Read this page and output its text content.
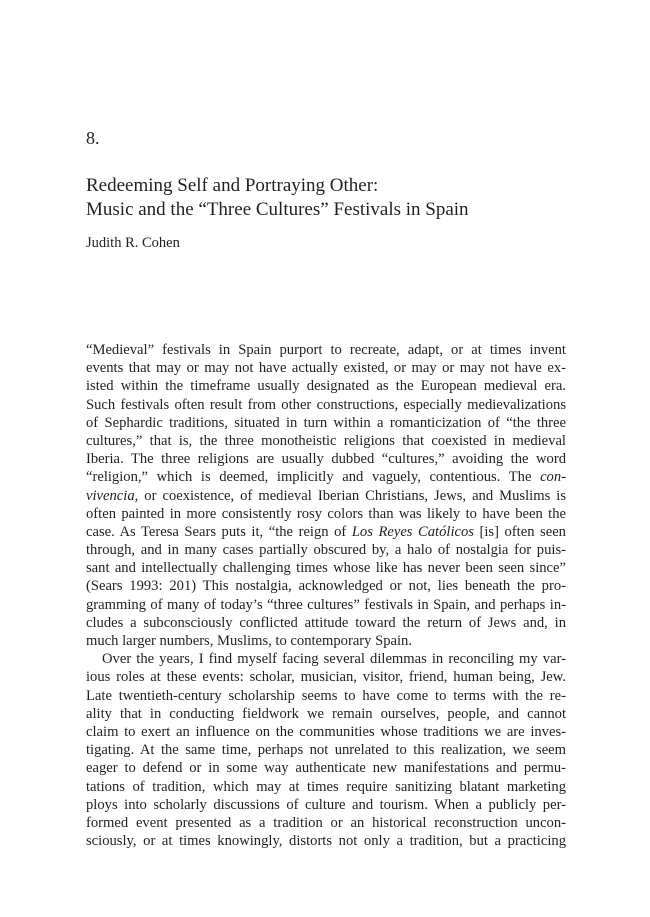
8.
Redeeming Self and Portraying Other:
Music and the “Three Cultures” Festivals in Spain
Judith R. Cohen
“Medieval” festivals in Spain purport to recreate, adapt, or at times invent
events that may or may not have actually existed, or may or may not have ex-
isted within the timeframe usually designated as the European medieval era.
Such festivals often result from other constructions, especially medievalizations
of Sephardic traditions, situated in turn within a romanticization of “the three
cultures,” that is, the three monotheistic religions that coexisted in medieval
Iberia. The three religions are usually dubbed “cultures,” avoiding the word
“religion,” which is deemed, implicitly and vaguely, contentious. The con-
vivencia, or coexistence, of medieval Iberian Christians, Jews, and Muslims is
often painted in more consistently rosy colors than was likely to have been the
case. As Teresa Sears puts it, “the reign of Los Reyes Católicos [is] often seen
through, and in many cases partially obscured by, a halo of nostalgia for puis-
sant and intellectually challenging times whose like has never been seen since”
(Sears 1993: 201) This nostalgia, acknowledged or not, lies beneath the pro-
gramming of many of today’s “three cultures” festivals in Spain, and perhaps in-
cludes a subconsciously conflicted attitude toward the return of Jews and, in
much larger numbers, Muslims, to contemporary Spain.
Over the years, I find myself facing several dilemmas in reconciling my var-
ious roles at these events: scholar, musician, visitor, friend, human being, Jew.
Late twentieth-century scholarship seems to have come to terms with the re-
ality that in conducting fieldwork we remain ourselves, people, and cannot
claim to exert an influence on the communities whose traditions we are inves-
tigating. At the same time, perhaps not unrelated to this realization, we seem
eager to defend or in some way authenticate new manifestations and permu-
tations of tradition, which may at times require sanitizing blatant marketing
ploys into scholarly discussions of culture and tourism. When a publicly per-
formed event presented as a tradition or an historical reconstruction uncon-
sciously, or at times knowingly, distorts not only a tradition, but a practicing
